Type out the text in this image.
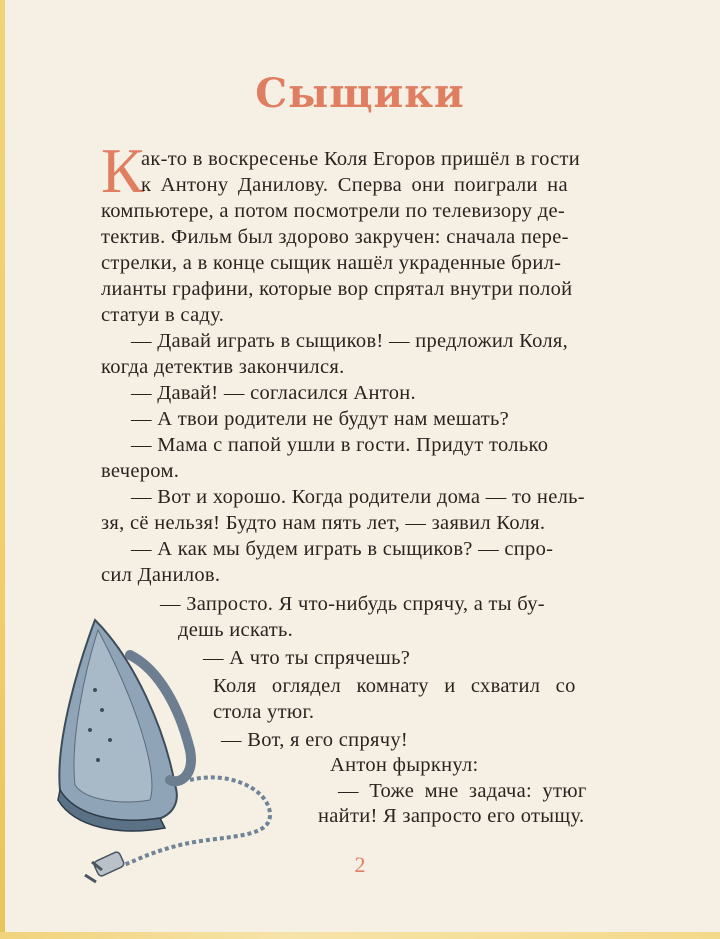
Сыщики
К
ак-то в воскресенье Коля Егоров пришёл в гости
к Антону Данилову. Сперва они поиграли на
компьютере, а потом посмотрели по телевизору де-
тектив. Фильм был здорово закручен: сначала пере-
стрелки, а в конце сыщик нашёл украденные брил-
лианты графини, которые вор спрятал внутри полой
статуи в саду.
— Давай играть в сыщиков! — предложил Коля,
когда детектив закончился.
— Давай! — согласился Антон.
— А твои родители не будут нам мешать?
— Мама с папой ушли в гости. Придут только
вечером.
— Вот и хорошо. Когда родители дома — то нель-
зя, сё нельзя! Будто нам пять лет, — заявил Коля.
— А как мы будем играть в сыщиков? — спро-
сил Данилов.
— Запросто. Я что-нибудь спрячу, а ты бу-
дешь искать.
— А что ты спрячешь?
Коля оглядел комнату и схватил со
стола утюг.
— Вот, я его спрячу!
Антон фыркнул:
— Тоже мне задача: утюг
найти! Я запросто его отыщу.
2
